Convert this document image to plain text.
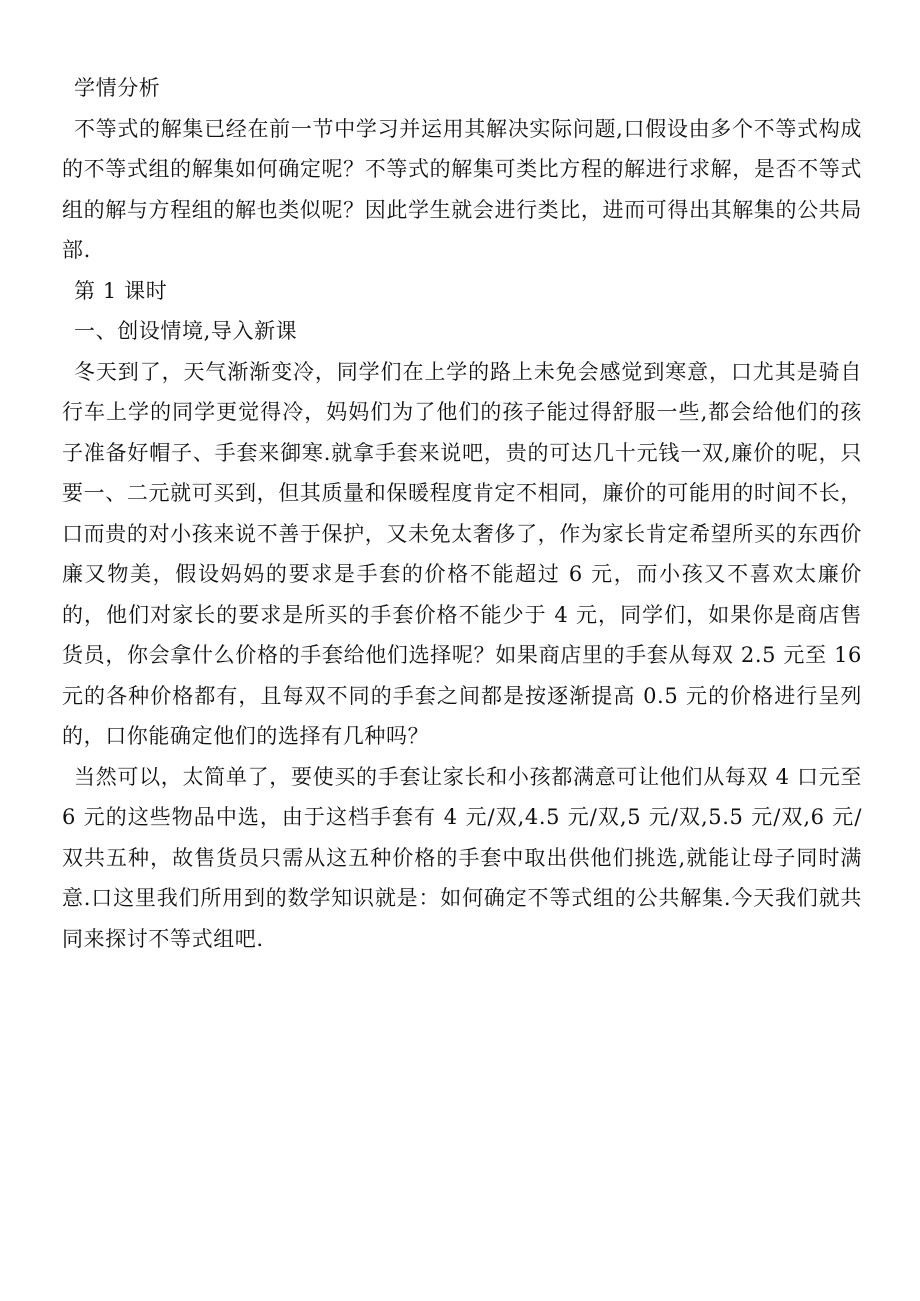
学情分析

不等式的解集已经在前一节中学习并运用其解决实际问题,口假设由多个不等式构成的不等式组的解集如何确定呢？不等式的解集可类比方程的解进行求解，是否不等式组的解与方程组的解也类似呢？因此学生就会进行类比，进而可得出其解集的公共局部.

第 1 课时

一、创设情境,导入新课

冬天到了，天气渐渐变冷，同学们在上学的路上未免会感觉到寒意，口尤其是骑自行车上学的同学更觉得冷，妈妈们为了他们的孩子能过得舒服一些,都会给他们的孩子准备好帽子、手套来御寒.就拿手套来说吧，贵的可达几十元钱一双,廉价的呢，只要一、二元就可买到，但其质量和保暖程度肯定不相同，廉价的可能用的时间不长，口而贵的对小孩来说不善于保护，又未免太奢侈了，作为家长肯定希望所买的东西价廉又物美，假设妈妈的要求是手套的价格不能超过 6 元，而小孩又不喜欢太廉价的，他们对家长的要求是所买的手套价格不能少于 4 元，同学们，如果你是商店售货员，你会拿什么价格的手套给他们选择呢？如果商店里的手套从每双 2.5 元至 16 元的各种价格都有，且每双不同的手套之间都是按逐渐提高 0.5 元的价格进行呈列的，口你能确定他们的选择有几种吗？

当然可以，太简单了，要使买的手套让家长和小孩都满意可让他们从每双 4 口元至 6 元的这些物品中选，由于这档手套有 4 元/双,4.5 元/双,5 元/双,5.5 元/双,6 元/双共五种，故售货员只需从这五种价格的手套中取出供他们挑选,就能让母子同时满意.口这里我们所用到的数学知识就是：如何确定不等式组的公共解集.今天我们就共同来探讨不等式组吧.
